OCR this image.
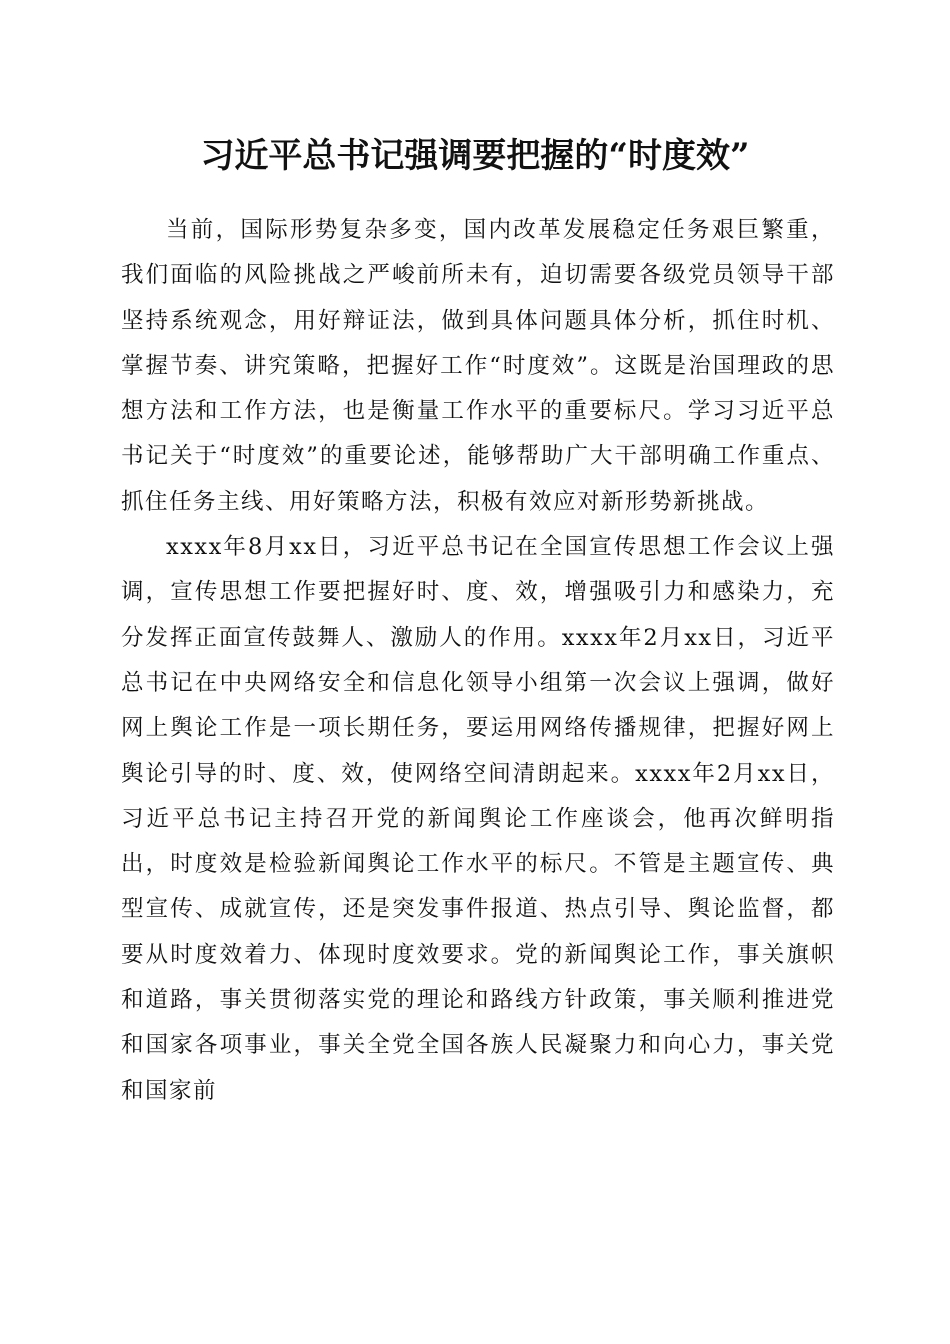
习近平总书记强调要把握的“时度效”

当前，国际形势复杂多变，国内改革发展稳定任务艰巨繁重，我们面临的风险挑战之严峻前所未有，迫切需要各级党员领导干部坚持系统观念，用好辩证法，做到具体问题具体分析，抓住时机、掌握节奏、讲究策略，把握好工作“时度效”。这既是治国理政的思想方法和工作方法，也是衡量工作水平的重要标尺。学习习近平总书记关于“时度效”的重要论述，能够帮助广大干部明确工作重点、抓住任务主线、用好策略方法，积极有效应对新形势新挑战。

xxxx年8月xx日，习近平总书记在全国宣传思想工作会议上强调，宣传思想工作要把握好时、度、效，增强吸引力和感染力，充分发挥正面宣传鼓舞人、激励人的作用。xxxx年2月xx日，习近平总书记在中央网络安全和信息化领导小组第一次会议上强调，做好网上舆论工作是一项长期任务，要运用网络传播规律，把握好网上舆论引导的时、度、效，使网络空间清朗起来。xxxx年2月xx日，习近平总书记主持召开党的新闻舆论工作座谈会，他再次鲜明指出，时度效是检验新闻舆论工作水平的标尺。不管是主题宣传、典型宣传、成就宣传，还是突发事件报道、热点引导、舆论监督，都要从时度效着力、体现时度效要求。党的新闻舆论工作，事关旗帜和道路，事关贯彻落实党的理论和路线方针政策，事关顺利推进党和国家各项事业，事关全党全国各族人民凝聚力和向心力，事关党和国家前
